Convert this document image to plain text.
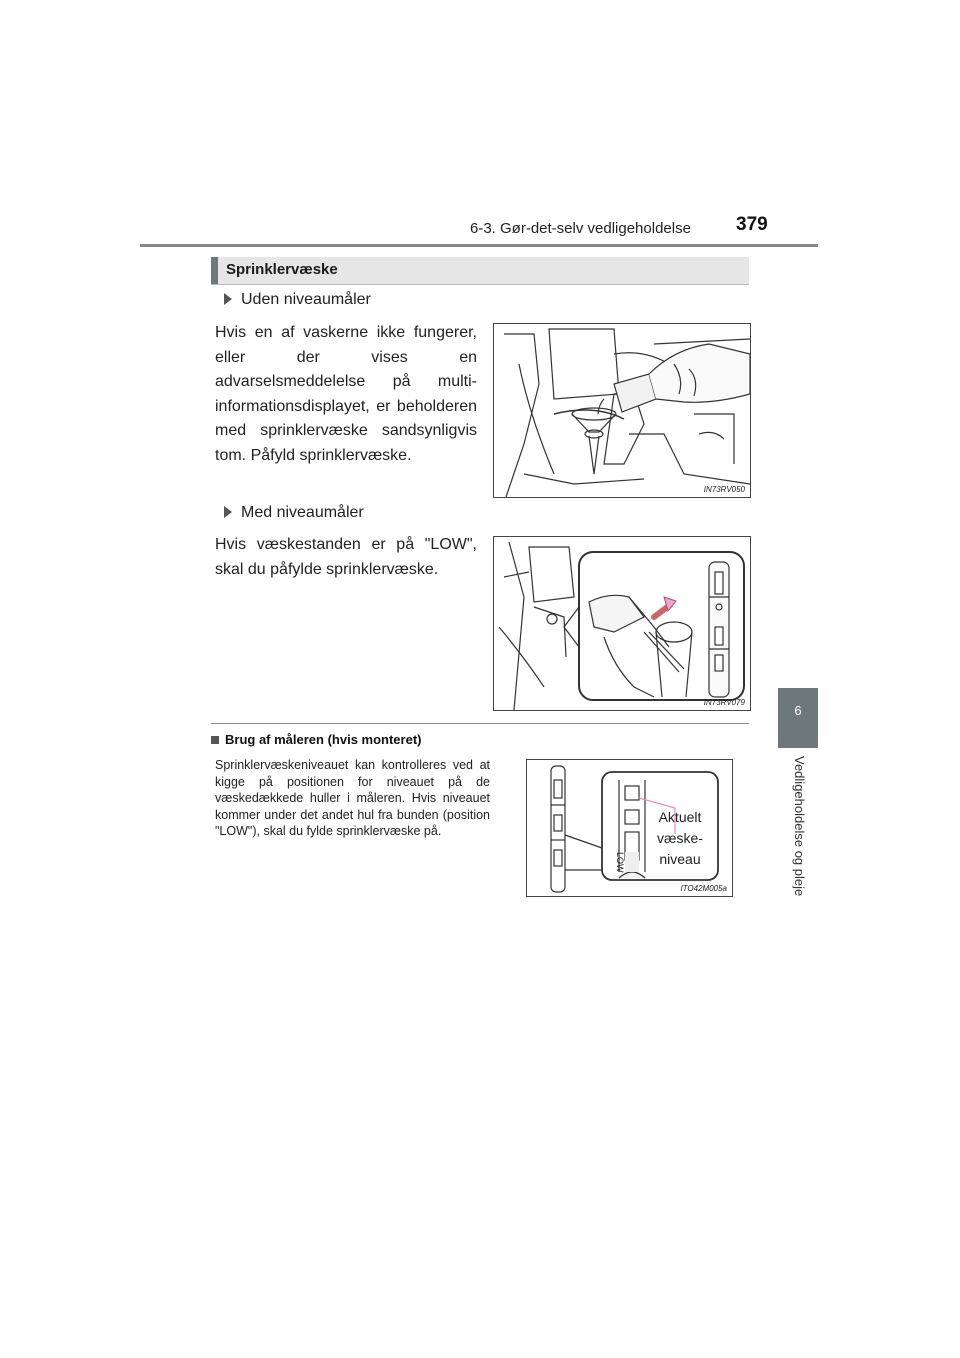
6-3. Gør-det-selv vedligeholdelse 379
6
Vedligeholdelse og pleje
Sprinklervæske
Uden niveaumåler
Hvis en af vaskerne ikke fungerer, eller der vises en advarselsmeddelelse på multi-informationsdisplayet, er beholderen med sprinklervæske sandsynligvis tom. Påfyld sprinklervæske.
IN73RV050
Med niveaumåler
Hvis væskestanden er på "LOW", skal du påfylde sprinklervæske.
IN73RV079
Brug af måleren (hvis monteret)
Sprinklervæskeniveauet kan kontrolleres ved at kigge på positionen for niveauet på de væskedækkede huller i måleren. Hvis niveauet kommer under det andet hul fra bunden (position "LOW"), skal du fylde sprinklervæske på.
ITO42M005a
LOW
Aktuelt væske-niveau
